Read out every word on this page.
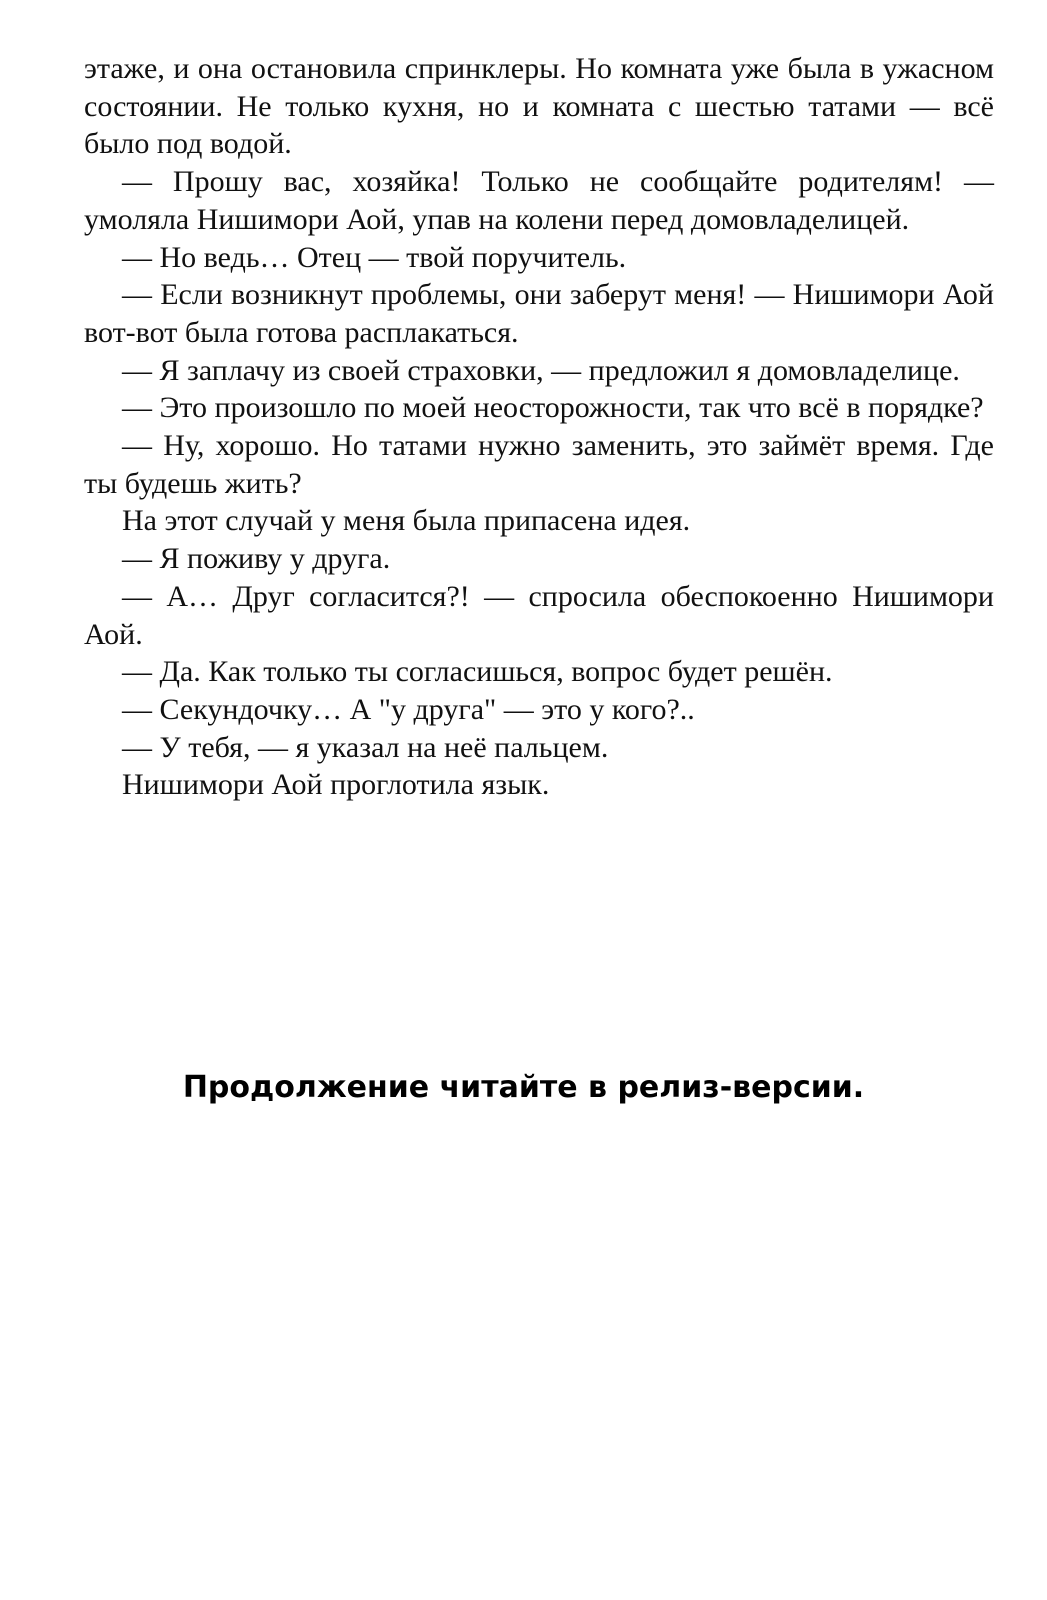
этаже, и она остановила спринклеры. Но комната уже была в ужасном состоянии. Не только кухня, но и комната с шестью татами — всё было под водой.

— Прошу вас, хозяйка! Только не сообщайте родителям! — умоляла Нишимори Аой, упав на колени перед домовладелицей.

— Но ведь… Отец — твой поручитель.

— Если возникнут проблемы, они заберут меня! — Нишимори Аой вот-вот была готова расплакаться.

— Я заплачу из своей страховки, — предложил я домовладелице.

— Это произошло по моей неосторожности, так что всё в порядке?

— Ну, хорошо. Но татами нужно заменить, это займёт время. Где ты будешь жить?

На этот случай у меня была припасена идея.

— Я поживу у друга.

— А… Друг согласится?! — спросила обеспокоенно Нишимори Аой.

— Да. Как только ты согласишься, вопрос будет решён.

— Секундочку… А "у друга" — это у кого?..

— У тебя, — я указал на неё пальцем.

Нишимори Аой проглотила язык.

Продолжение читайте в релиз-версии.
